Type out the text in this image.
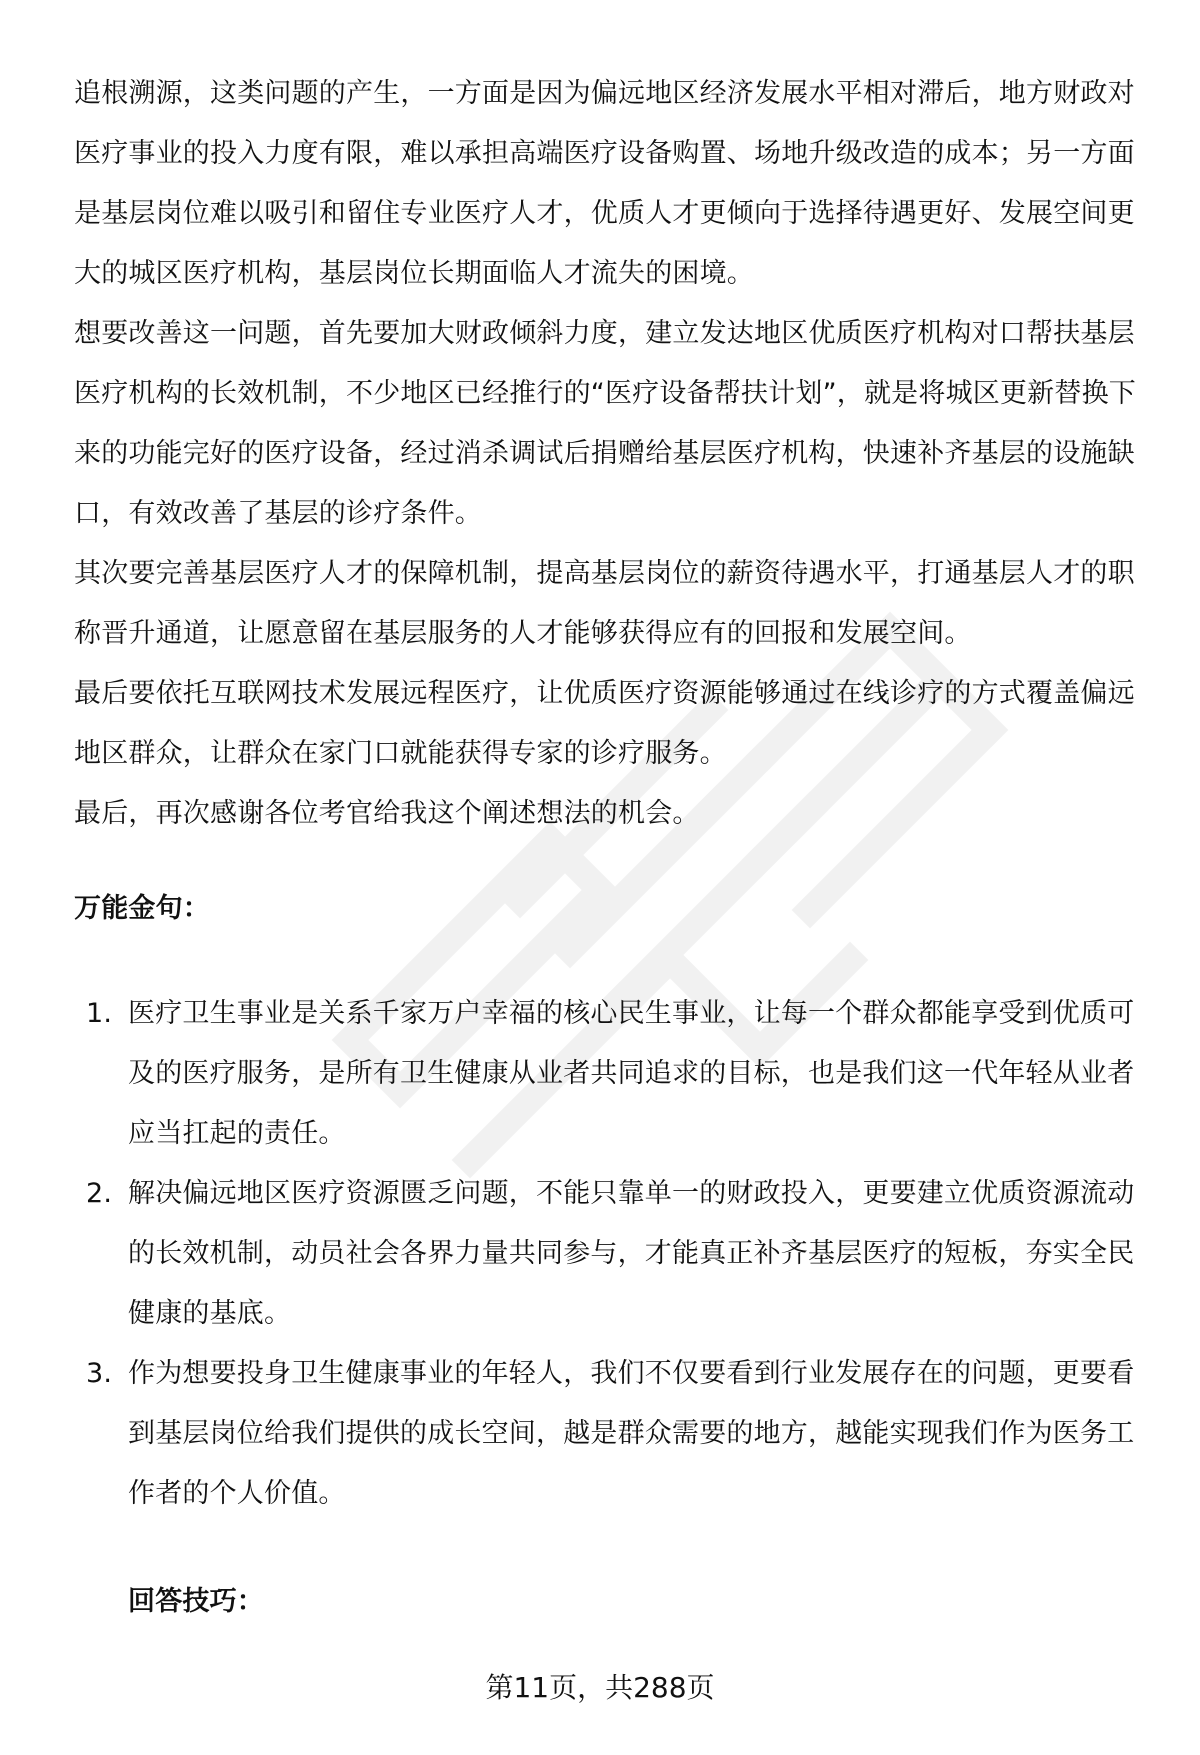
追根溯源，这类问题的产生，一方面是因为偏远地区经济发展水平相对滞后，地方财政对医疗事业的投入力度有限，难以承担高端医疗设备购置、场地升级改造的成本；另一方面是基层岗位难以吸引和留住专业医疗人才，优质人才更倾向于选择待遇更好、发展空间更大的城区医疗机构，基层岗位长期面临人才流失的困境。

想要改善这一问题，首先要加大财政倾斜力度，建立发达地区优质医疗机构对口帮扶基层医疗机构的长效机制，不少地区已经推行的“医疗设备帮扶计划”，就是将城区更新替换下来的功能完好的医疗设备，经过消杀调试后捐赠给基层医疗机构，快速补齐基层的设施缺口，有效改善了基层的诊疗条件。

其次要完善基层医疗人才的保障机制，提高基层岗位的薪资待遇水平，打通基层人才的职称晋升通道，让愿意留在基层服务的人才能够获得应有的回报和发展空间。

最后要依托互联网技术发展远程医疗，让优质医疗资源能够通过在线诊疗的方式覆盖偏远地区群众，让群众在家门口就能获得专家的诊疗服务。

最后，再次感谢各位考官给我这个阐述想法的机会。

万能金句：

1. 医疗卫生事业是关系千家万户幸福的核心民生事业，让每一个群众都能享受到优质可及的医疗服务，是所有卫生健康从业者共同追求的目标，也是我们这一代年轻从业者应当扛起的责任。
2. 解决偏远地区医疗资源匮乏问题，不能只靠单一的财政投入，更要建立优质资源流动的长效机制，动员社会各界力量共同参与，才能真正补齐基层医疗的短板，夯实全民健康的基底。
3. 作为想要投身卫生健康事业的年轻人，我们不仅要看到行业发展存在的问题，更要看到基层岗位给我们提供的成长空间，越是群众需要的地方，越能实现我们作为医务工作者的个人价值。

回答技巧：

第11页，共288页
